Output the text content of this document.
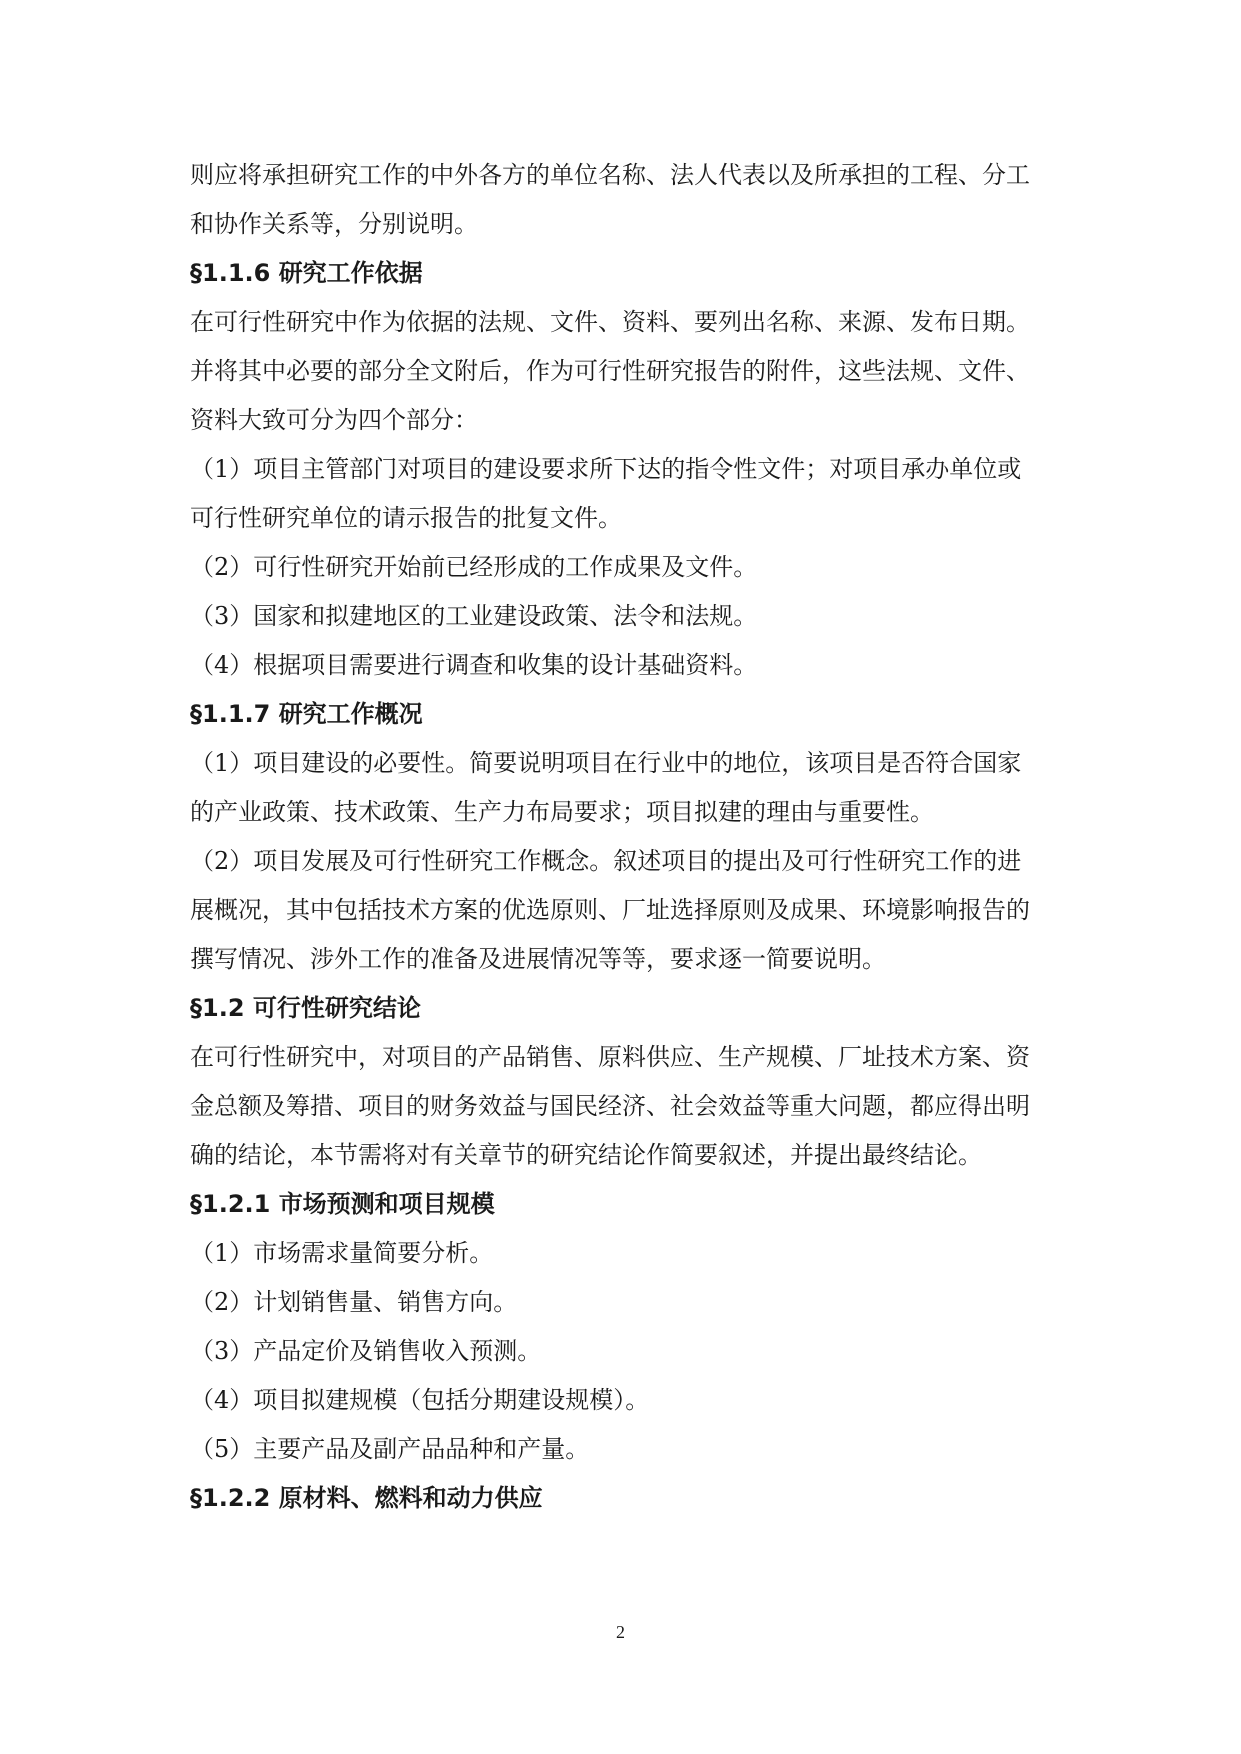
则应将承担研究工作的中外各方的单位名称、法人代表以及所承担的工程、分工
和协作关系等，分别说明。
§1.1.6 研究工作依据
在可行性研究中作为依据的法规、文件、资料、要列出名称、来源、发布日期。
并将其中必要的部分全文附后，作为可行性研究报告的附件，这些法规、文件、
资料大致可分为四个部分：
（1）项目主管部门对项目的建设要求所下达的指令性文件；对项目承办单位或
可行性研究单位的请示报告的批复文件。
（2）可行性研究开始前已经形成的工作成果及文件。
（3）国家和拟建地区的工业建设政策、法令和法规。
（4）根据项目需要进行调查和收集的设计基础资料。
§1.1.7 研究工作概况
（1）项目建设的必要性。简要说明项目在行业中的地位，该项目是否符合国家
的产业政策、技术政策、生产力布局要求；项目拟建的理由与重要性。
（2）项目发展及可行性研究工作概念。叙述项目的提出及可行性研究工作的进
展概况，其中包括技术方案的优选原则、厂址选择原则及成果、环境影响报告的
撰写情况、涉外工作的准备及进展情况等等，要求逐一简要说明。
§1.2 可行性研究结论
在可行性研究中，对项目的产品销售、原料供应、生产规模、厂址技术方案、资
金总额及筹措、项目的财务效益与国民经济、社会效益等重大问题，都应得出明
确的结论，本节需将对有关章节的研究结论作简要叙述，并提出最终结论。
§1.2.1 市场预测和项目规模
（1）市场需求量简要分析。
（2）计划销售量、销售方向。
（3）产品定价及销售收入预测。
（4）项目拟建规模（包括分期建设规模）。
（5）主要产品及副产品品种和产量。
§1.2.2 原材料、燃料和动力供应
2
